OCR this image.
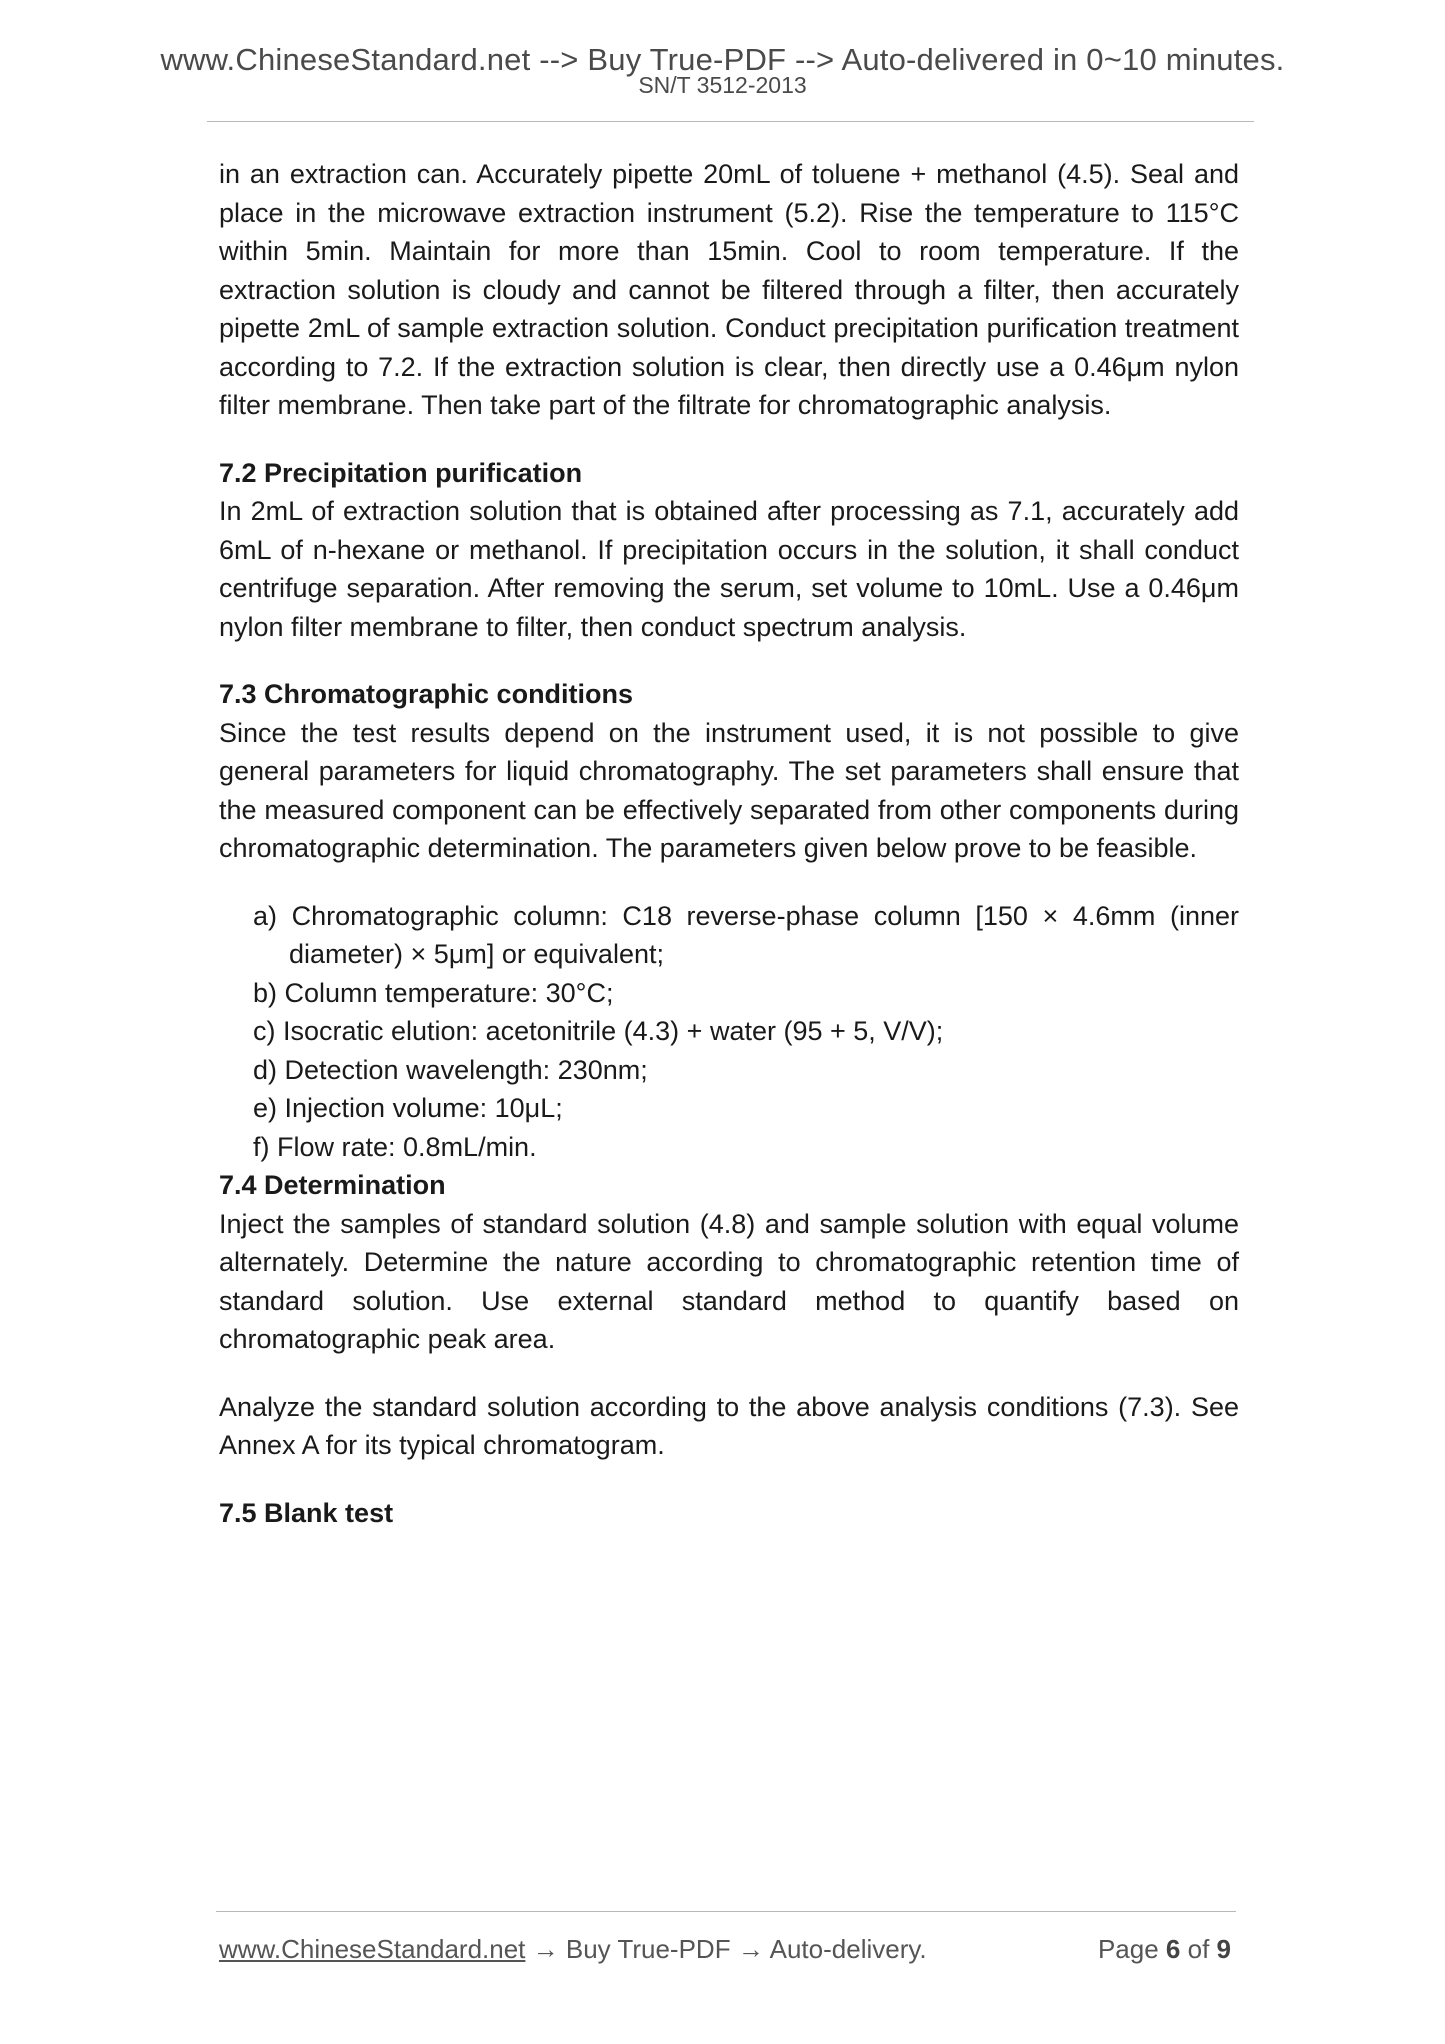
www.ChineseStandard.net --> Buy True-PDF --> Auto-delivered in 0~10 minutes.
SN/T 3512-2013

in an extraction can. Accurately pipette 20mL of toluene + methanol (4.5). Seal and place in the microwave extraction instrument (5.2). Rise the temperature to 115°C within 5min. Maintain for more than 15min. Cool to room temperature. If the extraction solution is cloudy and cannot be filtered through a filter, then accurately pipette 2mL of sample extraction solution. Conduct precipitation purification treatment according to 7.2. If the extraction solution is clear, then directly use a 0.46μm nylon filter membrane. Then take part of the filtrate for chromatographic analysis.

7.2 Precipitation purification

In 2mL of extraction solution that is obtained after processing as 7.1, accurately add 6mL of n-hexane or methanol. If precipitation occurs in the solution, it shall conduct centrifuge separation. After removing the serum, set volume to 10mL. Use a 0.46μm nylon filter membrane to filter, then conduct spectrum analysis.

7.3 Chromatographic conditions

Since the test results depend on the instrument used, it is not possible to give general parameters for liquid chromatography. The set parameters shall ensure that the measured component can be effectively separated from other components during chromatographic determination. The parameters given below prove to be feasible.

a) Chromatographic column: C18 reverse-phase column [150 × 4.6mm (inner diameter) × 5μm] or equivalent;

b) Column temperature: 30°C;

c) Isocratic elution: acetonitrile (4.3) + water (95 + 5, V/V);

d) Detection wavelength: 230nm;

e) Injection volume: 10μL;

f) Flow rate: 0.8mL/min.

7.4 Determination

Inject the samples of standard solution (4.8) and sample solution with equal volume alternately. Determine the nature according to chromatographic retention time of standard solution. Use external standard method to quantify based on chromatographic peak area.

Analyze the standard solution according to the above analysis conditions (7.3). See Annex A for its typical chromatogram.

7.5 Blank test

www.ChineseStandard.net → Buy True-PDF → Auto-delivery.	Page 6 of 9
